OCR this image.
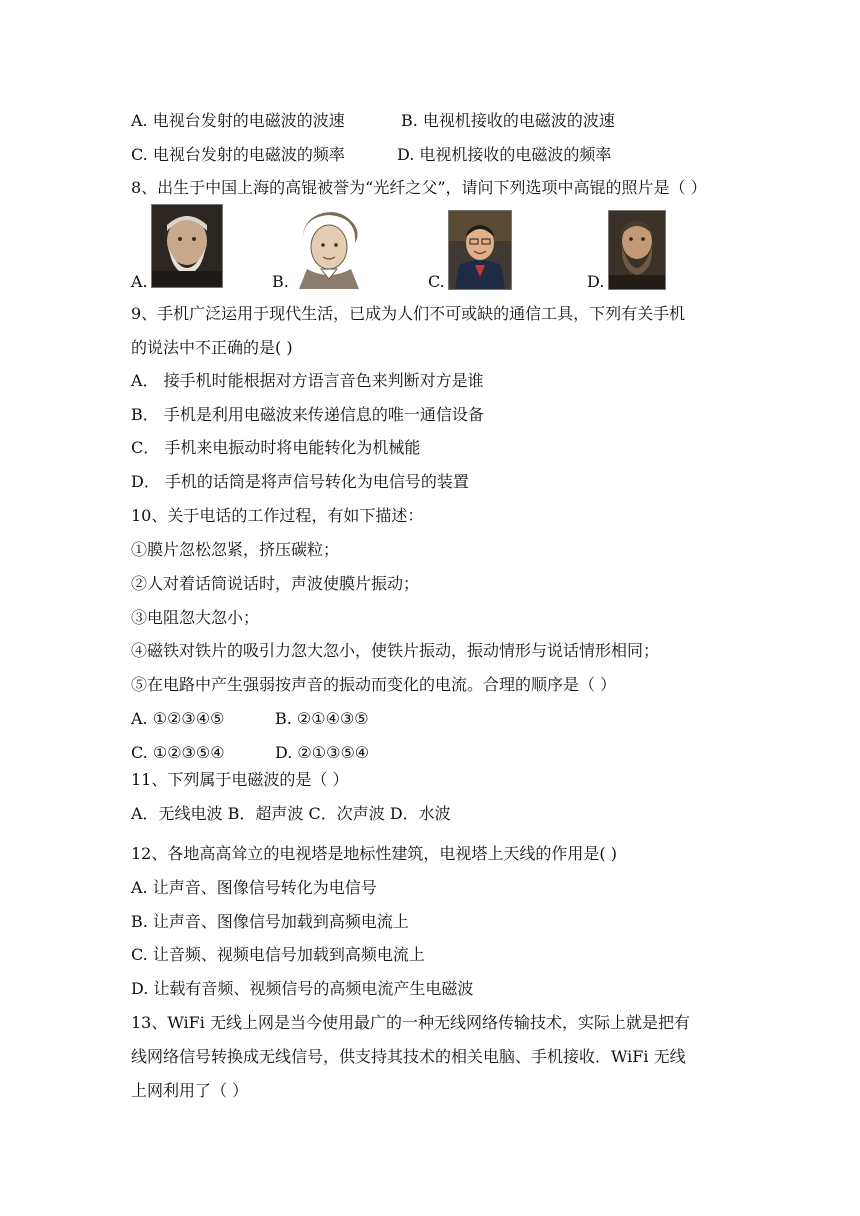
A. 电视台发射的电磁波的波速	B. 电视机接收的电磁波的波速
C. 电视台发射的电磁波的频率	D. 电视机接收的电磁波的频率
8、出生于中国上海的高锟被誉为“光纤之父”，请问下列选项中高锟的照片是（ ）
A.	B.	C.	D.
9、手机广泛运用于现代生活，已成为人们不可或缺的通信工具，下列有关手机
的说法中不正确的是( )
A． 接手机时能根据对方语言音色来判断对方是谁
B． 手机是利用电磁波来传递信息的唯一通信设备
C． 手机来电振动时将电能转化为机械能
D． 手机的话筒是将声信号转化为电信号的装置
10、关于电话的工作过程，有如下描述：
①膜片忽松忽紧，挤压碳粒；
②人对着话筒说话时，声波使膜片振动；
③电阻忽大忽小；
④磁铁对铁片的吸引力忽大忽小，使铁片振动，振动情形与说话情形相同；
⑤在电路中产生强弱按声音的振动而变化的电流。合理的顺序是（ ）
A. ①②③④⑤	B. ②①④③⑤
C. ①②③⑤④	D. ②①③⑤④
11、下列属于电磁波的是（ ）
A．无线电波 B．超声波 C．次声波 D．水波
12、各地高高耸立的电视塔是地标性建筑，电视塔上天线的作用是( )
A. 让声音、图像信号转化为电信号
B. 让声音、图像信号加载到高频电流上
C. 让音频、视频电信号加载到高频电流上
D. 让载有音频、视频信号的高频电流产生电磁波
13、WiFi 无线上网是当今使用最广的一种无线网络传输技术，实际上就是把有
线网络信号转换成无线信号，供支持其技术的相关电脑、手机接收．WiFi 无线
上网利用了（ ）
